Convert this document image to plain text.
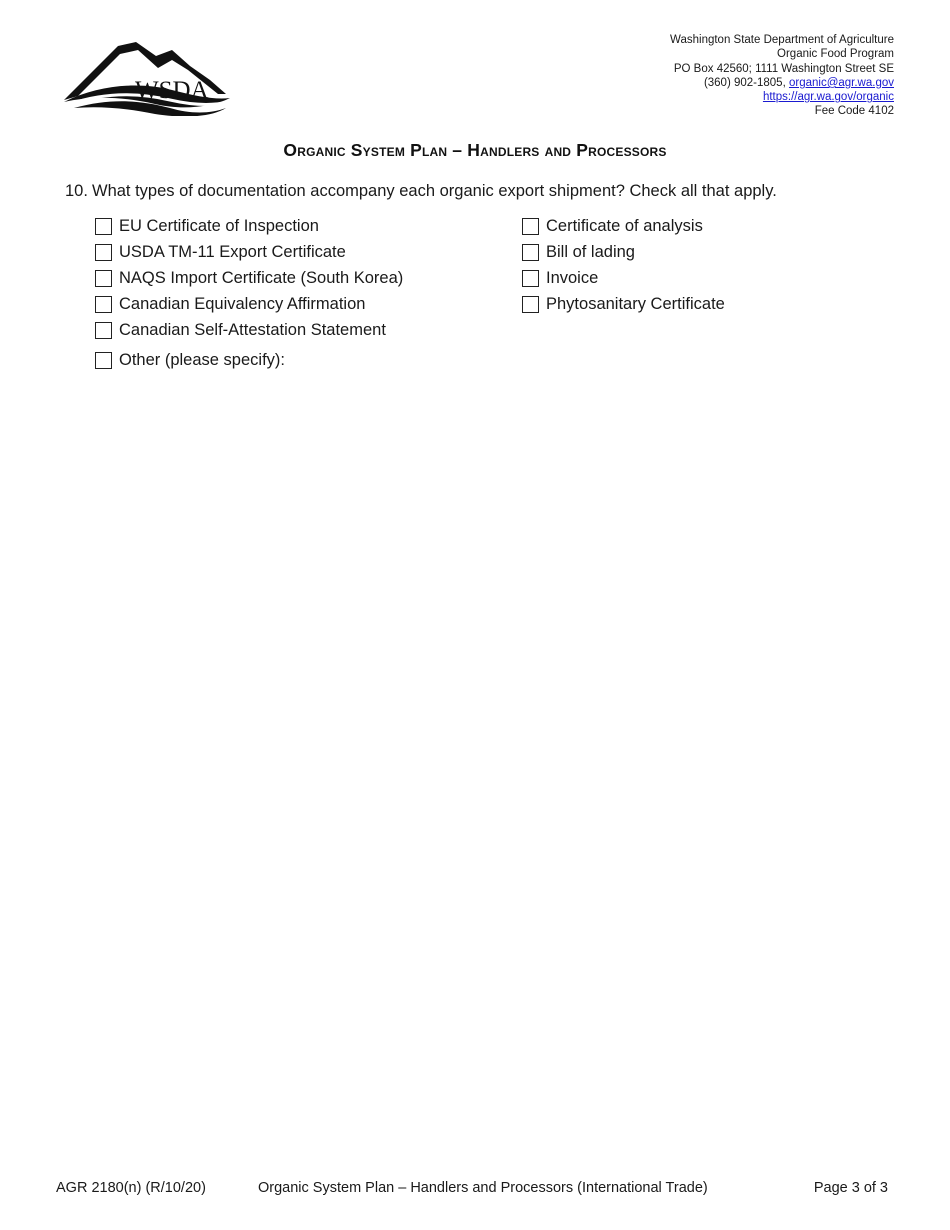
WSDA
Washington State Department of Agriculture
Organic Food Program
PO Box 42560; 1111 Washington Street SE
(360) 902-1805, organic@agr.wa.gov
https://agr.wa.gov/organic
Fee Code 4102
Organic System Plan – Handlers and Processors
10. What types of documentation accompany each organic export shipment? Check all that apply.
EU Certificate of Inspection
USDA TM-11 Export Certificate
NAQS Import Certificate (South Korea)
Canadian Equivalency Affirmation
Canadian Self-Attestation Statement
Certificate of analysis
Bill of lading
Invoice
Phytosanitary Certificate
Other (please specify):
AGR 2180(n) (R/10/20)	Organic System Plan – Handlers and Processors (International Trade)	Page 3 of 3
